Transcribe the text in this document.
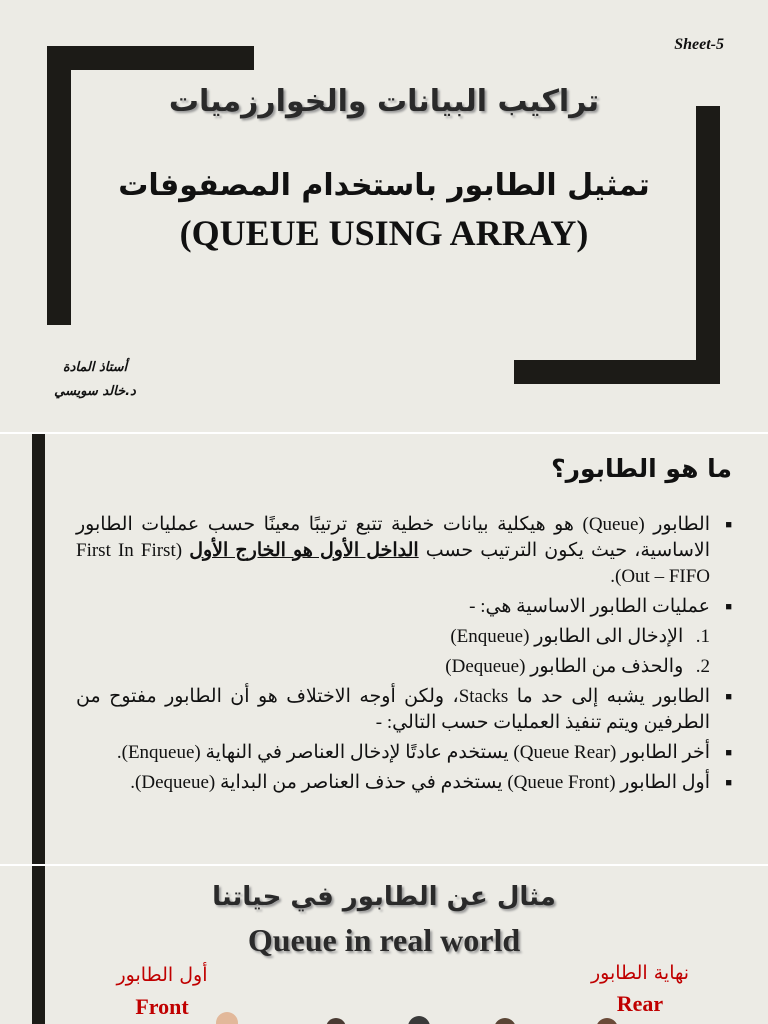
Sheet-5
تراكيب البيانات والخوارزميات
تمثيل الطابور باستخدام المصفوفات
(QUEUE USING ARRAY)
أستاذ المادة
د.خالد سويسي
ما هو الطابور؟
■ الطابور (Queue) هو هيكلية بيانات خطية تتبع ترتيبًا معينًا حسب عمليات الطابور الاساسية، حيث يكون الترتيب حسب الداخل الأول هو الخارج الأول (First In First Out – FIFO).
■ عمليات الطابور الاساسية هي: -
1. الإدخال الى الطابور (Enqueue)
2. والحذف من الطابور (Dequeue)
■ الطابور يشبه إلى حد ما Stacks، ولكن أوجه الاختلاف هو أن الطابور مفتوح من الطرفين ويتم تنفيذ العمليات حسب التالي: -
■ أخر الطابور (Queue Rear) يستخدم عادتًا لإدخال العناصر في النهاية (Enqueue).
■ أول الطابور (Queue Front) يستخدم في حذف العناصر من البداية (Dequeue).
مثال عن الطابور في حياتنا
Queue in real world
أول الطابور
Front
نهاية الطابور
Rear
